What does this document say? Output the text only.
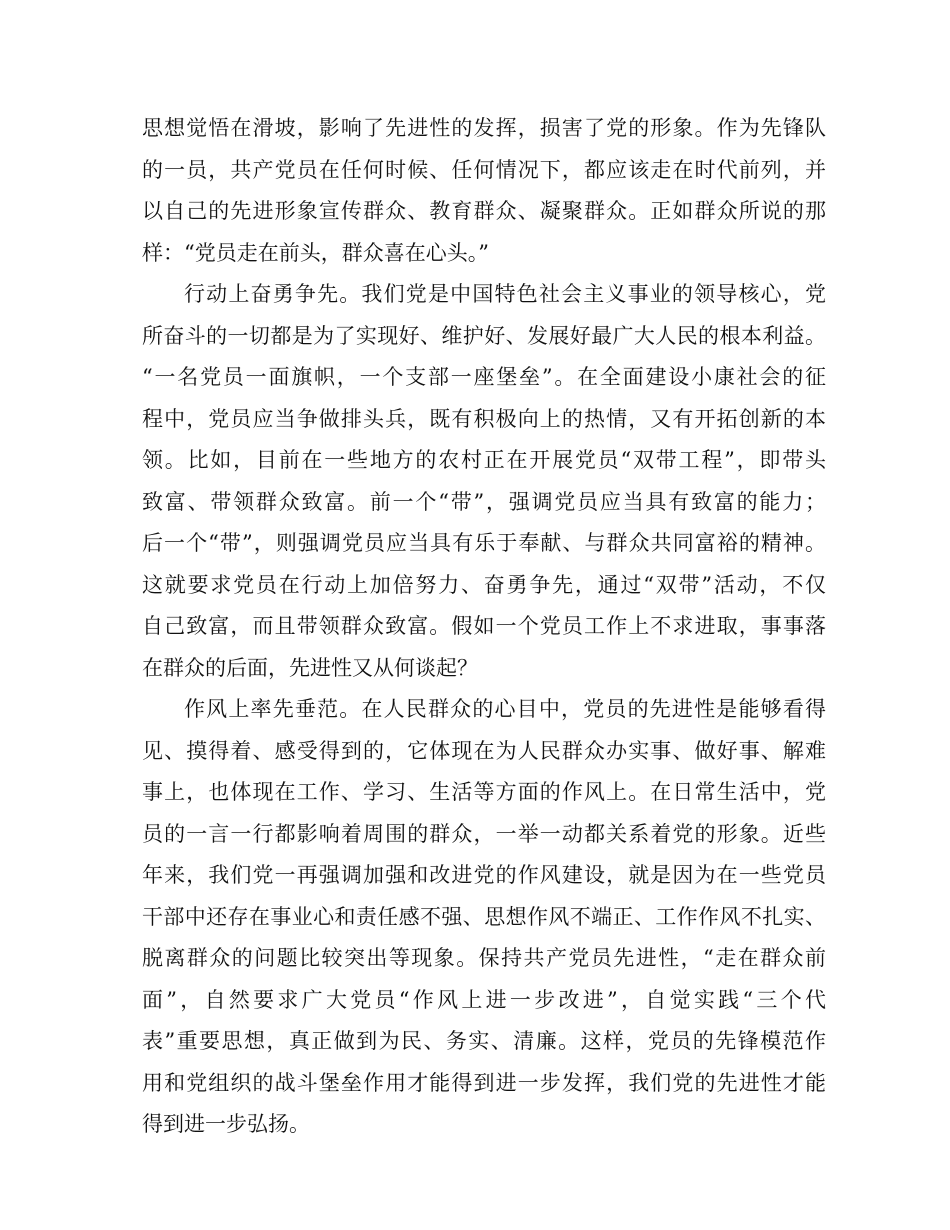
思想觉悟在滑坡，影响了先进性的发挥，损害了党的形象。作为先锋队
的一员，共产党员在任何时候、任何情况下，都应该走在时代前列，并
以自己的先进形象宣传群众、教育群众、凝聚群众。正如群众所说的那
样：“党员走在前头，群众喜在心头。”
行动上奋勇争先。我们党是中国特色社会主义事业的领导核心，党
所奋斗的一切都是为了实现好、维护好、发展好最广大人民的根本利益。
“一名党员一面旗帜，一个支部一座堡垒”。在全面建设小康社会的征
程中，党员应当争做排头兵，既有积极向上的热情，又有开拓创新的本
领。比如，目前在一些地方的农村正在开展党员“双带工程”，即带头
致富、带领群众致富。前一个“带”，强调党员应当具有致富的能力；
后一个“带”，则强调党员应当具有乐于奉献、与群众共同富裕的精神。
这就要求党员在行动上加倍努力、奋勇争先，通过“双带”活动，不仅
自己致富，而且带领群众致富。假如一个党员工作上不求进取，事事落
在群众的后面，先进性又从何谈起？
作风上率先垂范。在人民群众的心目中，党员的先进性是能够看得
见、摸得着、感受得到的，它体现在为人民群众办实事、做好事、解难
事上，也体现在工作、学习、生活等方面的作风上。在日常生活中，党
员的一言一行都影响着周围的群众，一举一动都关系着党的形象。近些
年来，我们党一再强调加强和改进党的作风建设，就是因为在一些党员
干部中还存在事业心和责任感不强、思想作风不端正、工作作风不扎实、
脱离群众的问题比较突出等现象。保持共产党员先进性，“走在群众前
面”，自然要求广大党员“作风上进一步改进”，自觉实践“三个代
表”重要思想，真正做到为民、务实、清廉。这样，党员的先锋模范作
用和党组织的战斗堡垒作用才能得到进一步发挥，我们党的先进性才能
得到进一步弘扬。
